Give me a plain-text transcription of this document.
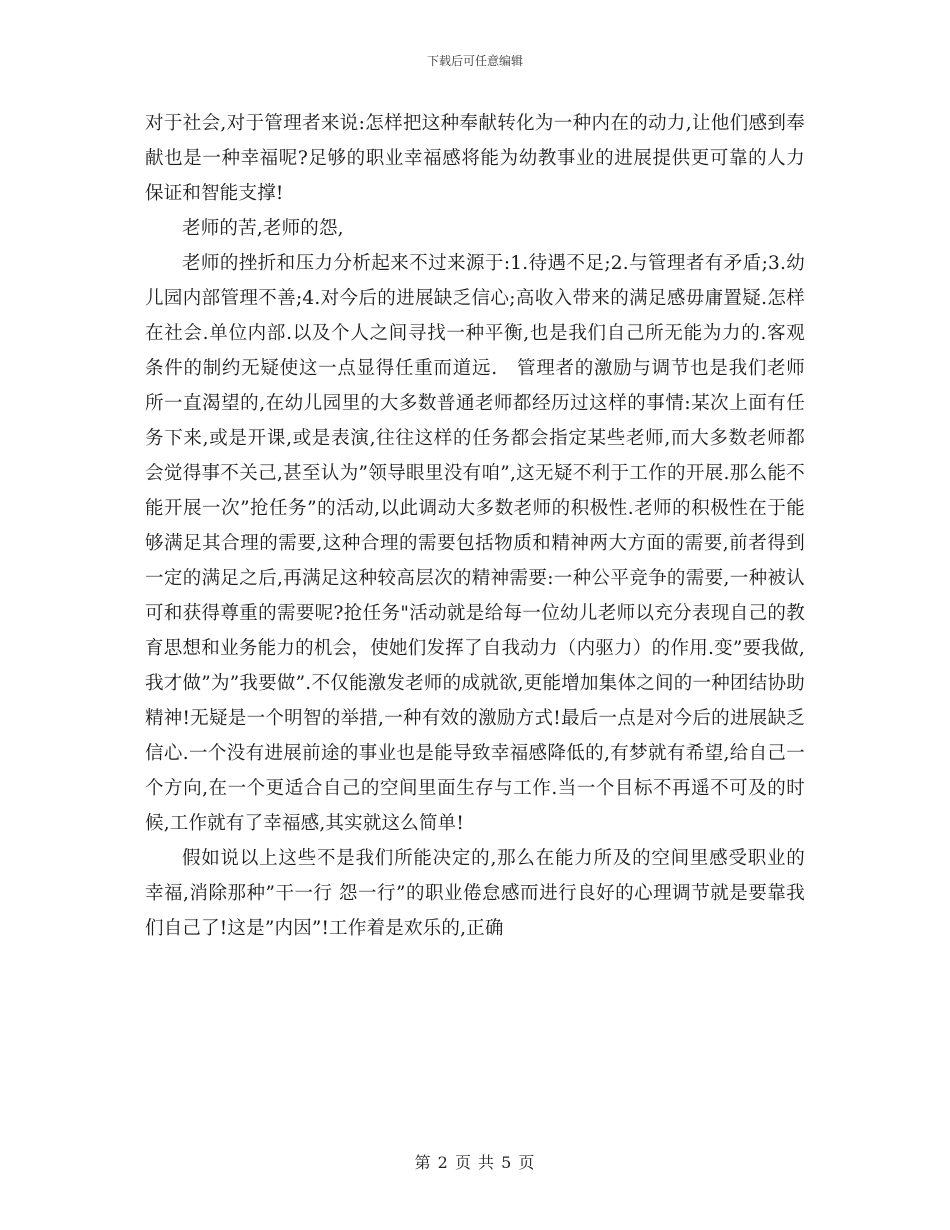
下载后可任意编辑

对于社会,对于管理者来说:怎样把这种奉献转化为一种内在的动力,让他们感到奉献也是一种幸福呢?足够的职业幸福感将能为幼教事业的进展提供更可靠的人力保证和智能支撑!

老师的苦,老师的怨,

老师的挫折和压力分析起来不过来源于:1.待遇不足;2.与管理者有矛盾;3.幼儿园内部管理不善;4.对今后的进展缺乏信心;高收入带来的满足感毋庸置疑.怎样在社会.单位内部.以及个人之间寻找一种平衡,也是我们自己所无能为力的.客观条件的制约无疑使这一点显得任重而道远.　管理者的激励与调节也是我们老师所一直渴望的,在幼儿园里的大多数普通老师都经历过这样的事情:某次上面有任务下来,或是开课,或是表演,往往这样的任务都会指定某些老师,而大多数老师都会觉得事不关己,甚至认为”领导眼里没有咱”,这无疑不利于工作的开展.那么能不能开展一次”抢任务”的活动,以此调动大多数老师的积极性.老师的积极性在于能够满足其合理的需要,这种合理的需要包括物质和精神两大方面的需要,前者得到一定的满足之后,再满足这种较高层次的精神需要:一种公平竞争的需要,一种被认可和获得尊重的需要呢?抢任务"活动就是给每一位幼儿老师以充分表现自己的教育思想和业务能力的机会，使她们发挥了自我动力（内驱力）的作用.变”要我做,我才做”为”我要做”.不仅能激发老师的成就欲,更能增加集体之间的一种团结协助精神!无疑是一个明智的举措,一种有效的激励方式!最后一点是对今后的进展缺乏信心.一个没有进展前途的事业也是能导致幸福感降低的,有梦就有希望,给自己一个方向,在一个更适合自己的空间里面生存与工作.当一个目标不再遥不可及的时候,工作就有了幸福感,其实就这么简单!

假如说以上这些不是我们所能决定的,那么在能力所及的空间里感受职业的幸福,消除那种”干一行 怨一行”的职业倦怠感而进行良好的心理调节就是要靠我们自己了!这是”内因”!工作着是欢乐的,正确

第 2 页 共 5 页
